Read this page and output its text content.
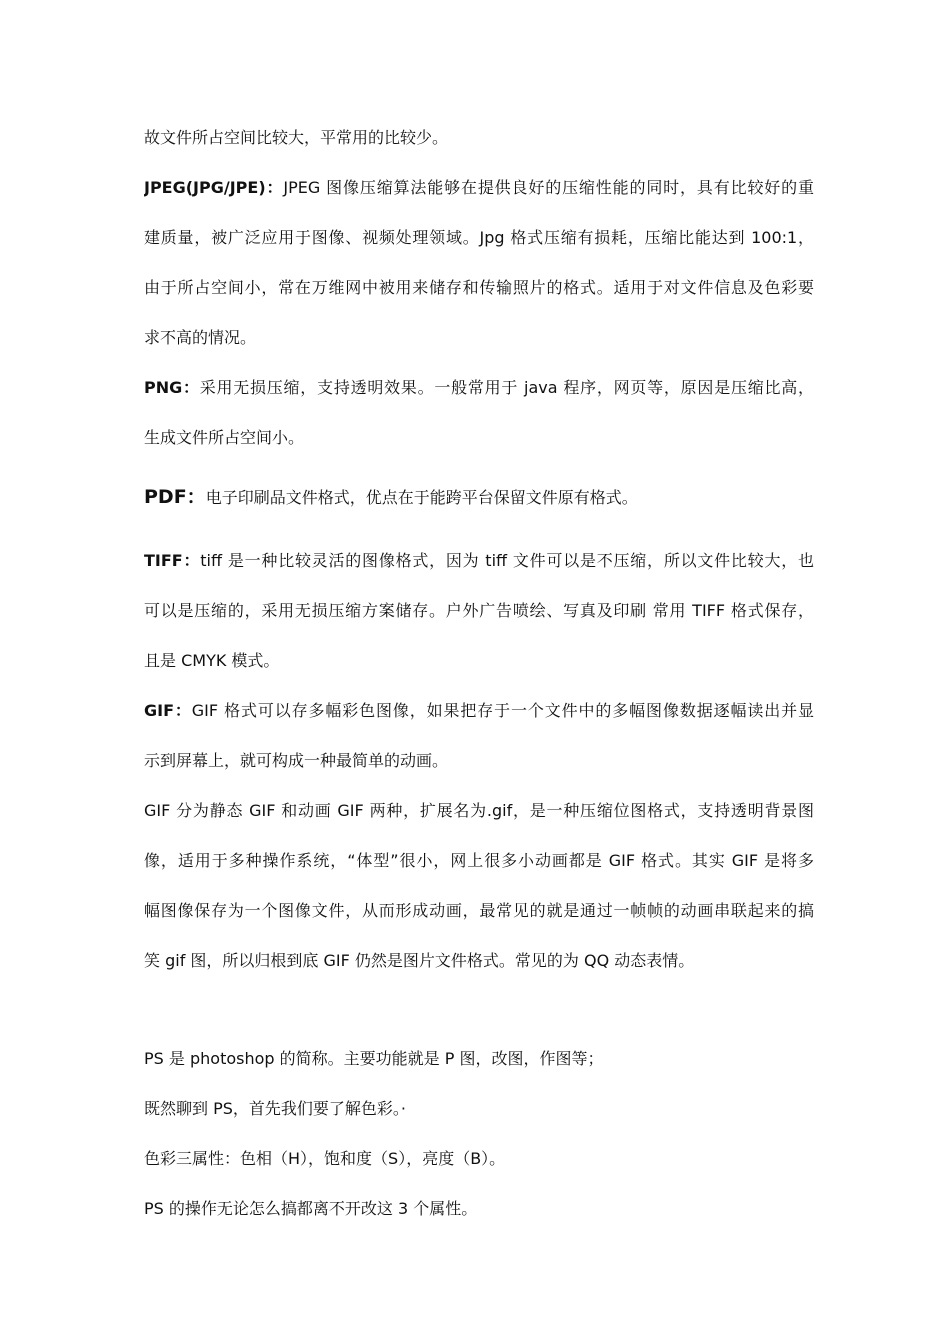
故文件所占空间比较大，平常用的比较少。
JPEG(JPG/JPE)：JPEG 图像压缩算法能够在提供良好的压缩性能的同时，具有比较好的重
建质量，被广泛应用于图像、视频处理领域。Jpg 格式压缩有损耗，压缩比能达到 100:1，
由于所占空间小，常在万维网中被用来储存和传输照片的格式。适用于对文件信息及色彩要
求不高的情况。
PNG：采用无损压缩，支持透明效果。一般常用于 java 程序，网页等，原因是压缩比高，
生成文件所占空间小。
PDF：电子印刷品文件格式，优点在于能跨平台保留文件原有格式。
TIFF：tiff 是一种比较灵活的图像格式，因为 tiff 文件可以是不压缩，所以文件比较大，也
可以是压缩的，采用无损压缩方案储存。户外广告喷绘、写真及印刷 常用 TIFF 格式保存，
且是 CMYK 模式。
GIF：GIF 格式可以存多幅彩色图像，如果把存于一个文件中的多幅图像数据逐幅读出并显
示到屏幕上，就可构成一种最简单的动画。
GIF 分为静态 GIF 和动画 GIF 两种，扩展名为.gif，是一种压缩位图格式，支持透明背景图
像，适用于多种操作系统，“体型”很小，网上很多小动画都是 GIF 格式。其实 GIF 是将多
幅图像保存为一个图像文件，从而形成动画，最常见的就是通过一帧帧的动画串联起来的搞
笑 gif 图，所以归根到底 GIF 仍然是图片文件格式。常见的为 QQ 动态表情。
PS 是 photoshop 的简称。主要功能就是 P 图，改图，作图等；
既然聊到 PS，首先我们要了解色彩。·
色彩三属性：色相（H），饱和度（S），亮度（B）。
PS 的操作无论怎么搞都离不开改这 3 个属性。
